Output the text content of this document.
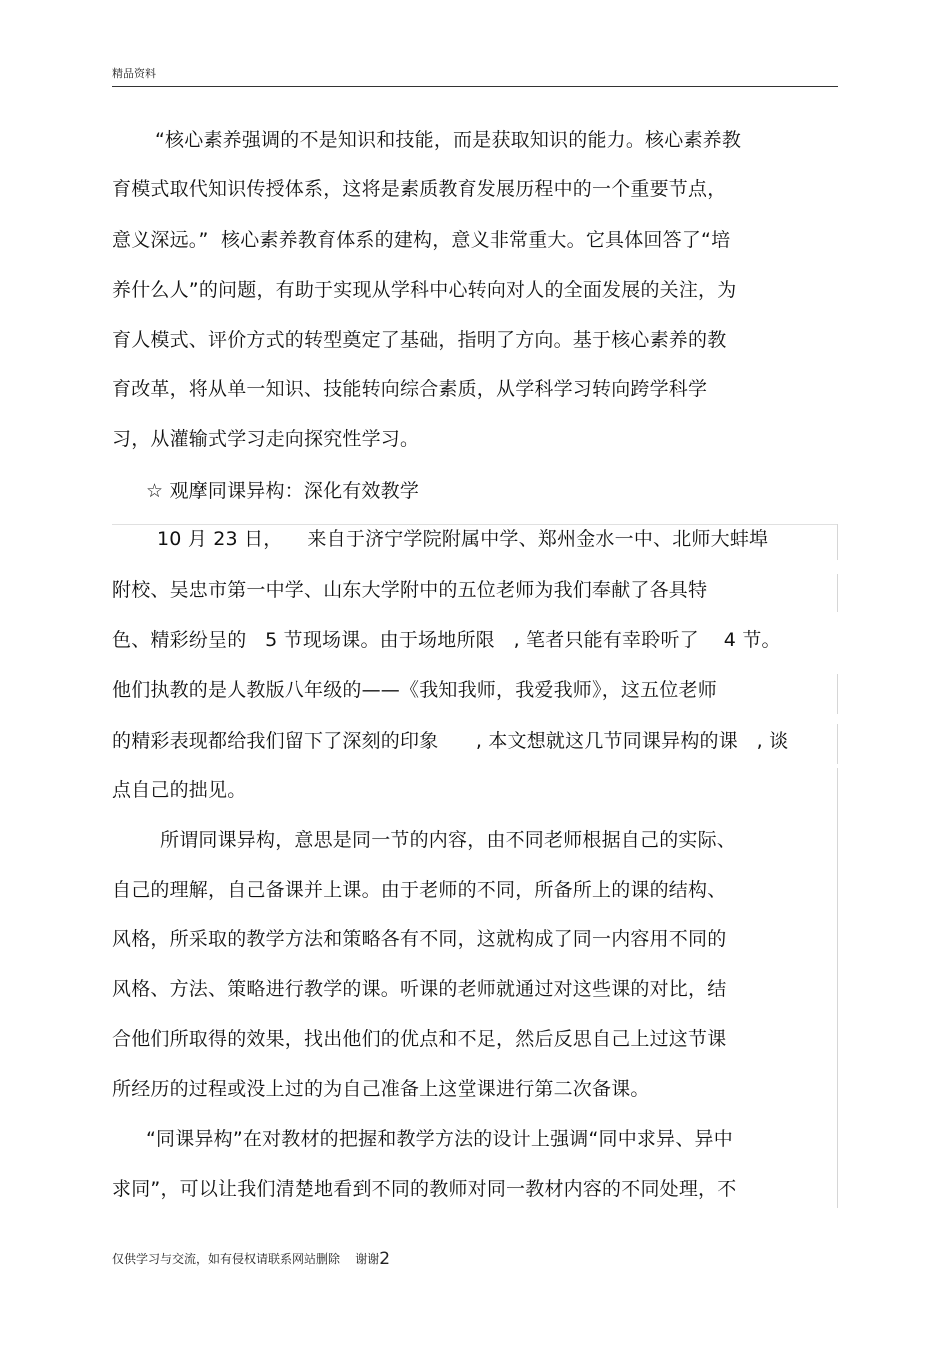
精品资料
“核心素养强调的不是知识和技能，而是获取知识的能力。核心素养教
育模式取代知识传授体系，这将是素质教育发展历程中的一个重要节点，
意义深远。”  核心素养教育体系的建构，意义非常重大。它具体回答了“培
养什么人”的问题，有助于实现从学科中心转向对人的全面发展的关注，为
育人模式、评价方式的转型奠定了基础，指明了方向。基于核心素养的教
育改革，将从单一知识、技能转向综合素质，从学科学习转向跨学科学
习，从灌输式学习走向探究性学习。
☆ 观摩同课异构：深化有效教学
10 月 23 日，    来自于济宁学院附属中学、郑州金水一中、北师大蚌埠
附校、吴忠市第一中学、山东大学附中的五位老师为我们奉献了各具特
色、精彩纷呈的   5 节现场课。由于场地所限   , 笔者只能有幸聆听了    4 节。
他们执教的是人教版八年级的——《我知我师，我爱我师》，这五位老师
的精彩表现都给我们留下了深刻的印象      , 本文想就这几节同课异构的课   , 谈
点自己的拙见。
所谓同课异构，意思是同一节的内容，由不同老师根据自己的实际、
自己的理解，自己备课并上课。由于老师的不同，所备所上的课的结构、
风格，所采取的教学方法和策略各有不同，这就构成了同一内容用不同的
风格、方法、策略进行教学的课。听课的老师就通过对这些课的对比，结
合他们所取得的效果，找出他们的优点和不足，然后反思自己上过这节课
所经历的过程或没上过的为自己准备上这堂课进行第二次备课。
“同课异构”在对教材的把握和教学方法的设计上强调“同中求异、异中
求同”，可以让我们清楚地看到不同的教师对同一教材内容的不同处理，不
仅供学习与交流，如有侵权请联系网站删除    谢谢2
